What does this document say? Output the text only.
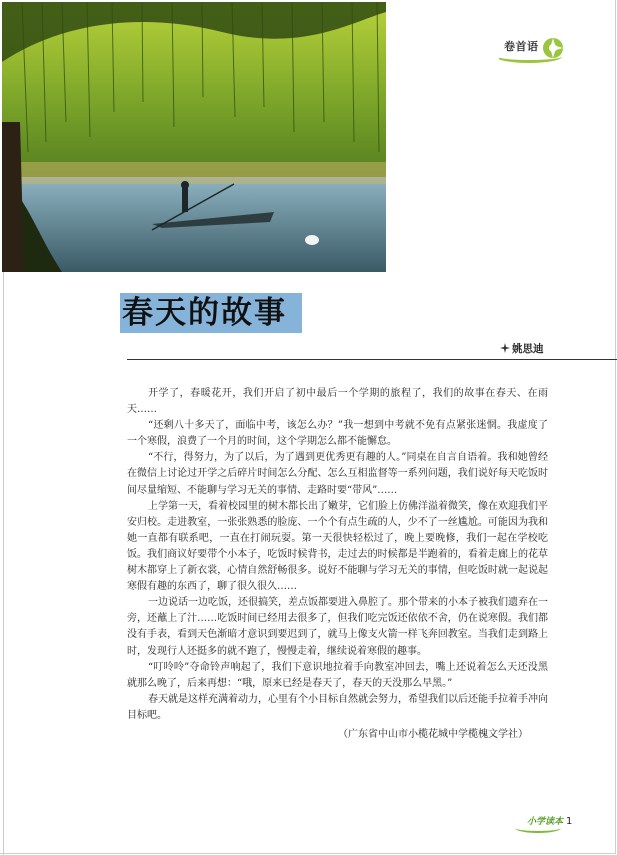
卷首语
春天的故事
姚思迪

开学了，春暖花开，我们开启了初中最后一个学期的旅程了，我们的故事在春天、在雨天……

“还剩八十多天了，面临中考，该怎么办？”我一想到中考就不免有点紧张迷惘。我虚度了一个寒假，浪费了一个月的时间，这个学期怎么都不能懈怠。

“不行，得努力，为了以后，为了遇到更优秀更有趣的人。”同桌在自言自语着。我和她曾经在微信上讨论过开学之后碎片时间怎么分配、怎么互相监督等一系列问题，我们说好每天吃饭时间尽量缩短、不能聊与学习无关的事情、走路时要“带风”……

上学第一天，看着校园里的树木都长出了嫩芽，它们脸上仿佛洋溢着微笑，像在欢迎我们平安归校。走进教室，一张张熟悉的脸庞、一个个有点生疏的人，少不了一丝尴尬。可能因为我和她一直都有联系吧，一直在打闹玩耍。第一天很快轻松过了，晚上要晚修，我们一起在学校吃饭。我们商议好要带个小本子，吃饭时候背书，走过去的时候都是半跑着的，看着走廊上的花草树木都穿上了新衣裳，心情自然舒畅很多。说好不能聊与学习无关的事情，但吃饭时就一起说起寒假有趣的东西了，聊了很久很久……

一边说话一边吃饭，还很搞笑，差点饭都要进入鼻腔了。那个带来的小本子被我们遗弃在一旁，还蘸上了汁……吃饭时间已经用去很多了，但我们吃完饭还依依不舍，仍在说寒假。我们都没有手表，看到天色渐暗才意识到要迟到了，就马上像支火箭一样飞奔回教室。当我们走到路上时，发现行人还挺多的就不跑了，慢慢走着，继续说着寒假的趣事。

“叮呤呤”夺命铃声响起了，我们下意识地拉着手向教室冲回去，嘴上还说着怎么天还没黑就那么晚了，后来再想：“哦，原来已经是春天了，春天的天没那么早黑。”

春天就是这样充满着动力，心里有个小目标自然就会努力，希望我们以后还能手拉着手冲向目标吧。

（广东省中山市小榄花城中学榄槐文学社）
小学读本 1
